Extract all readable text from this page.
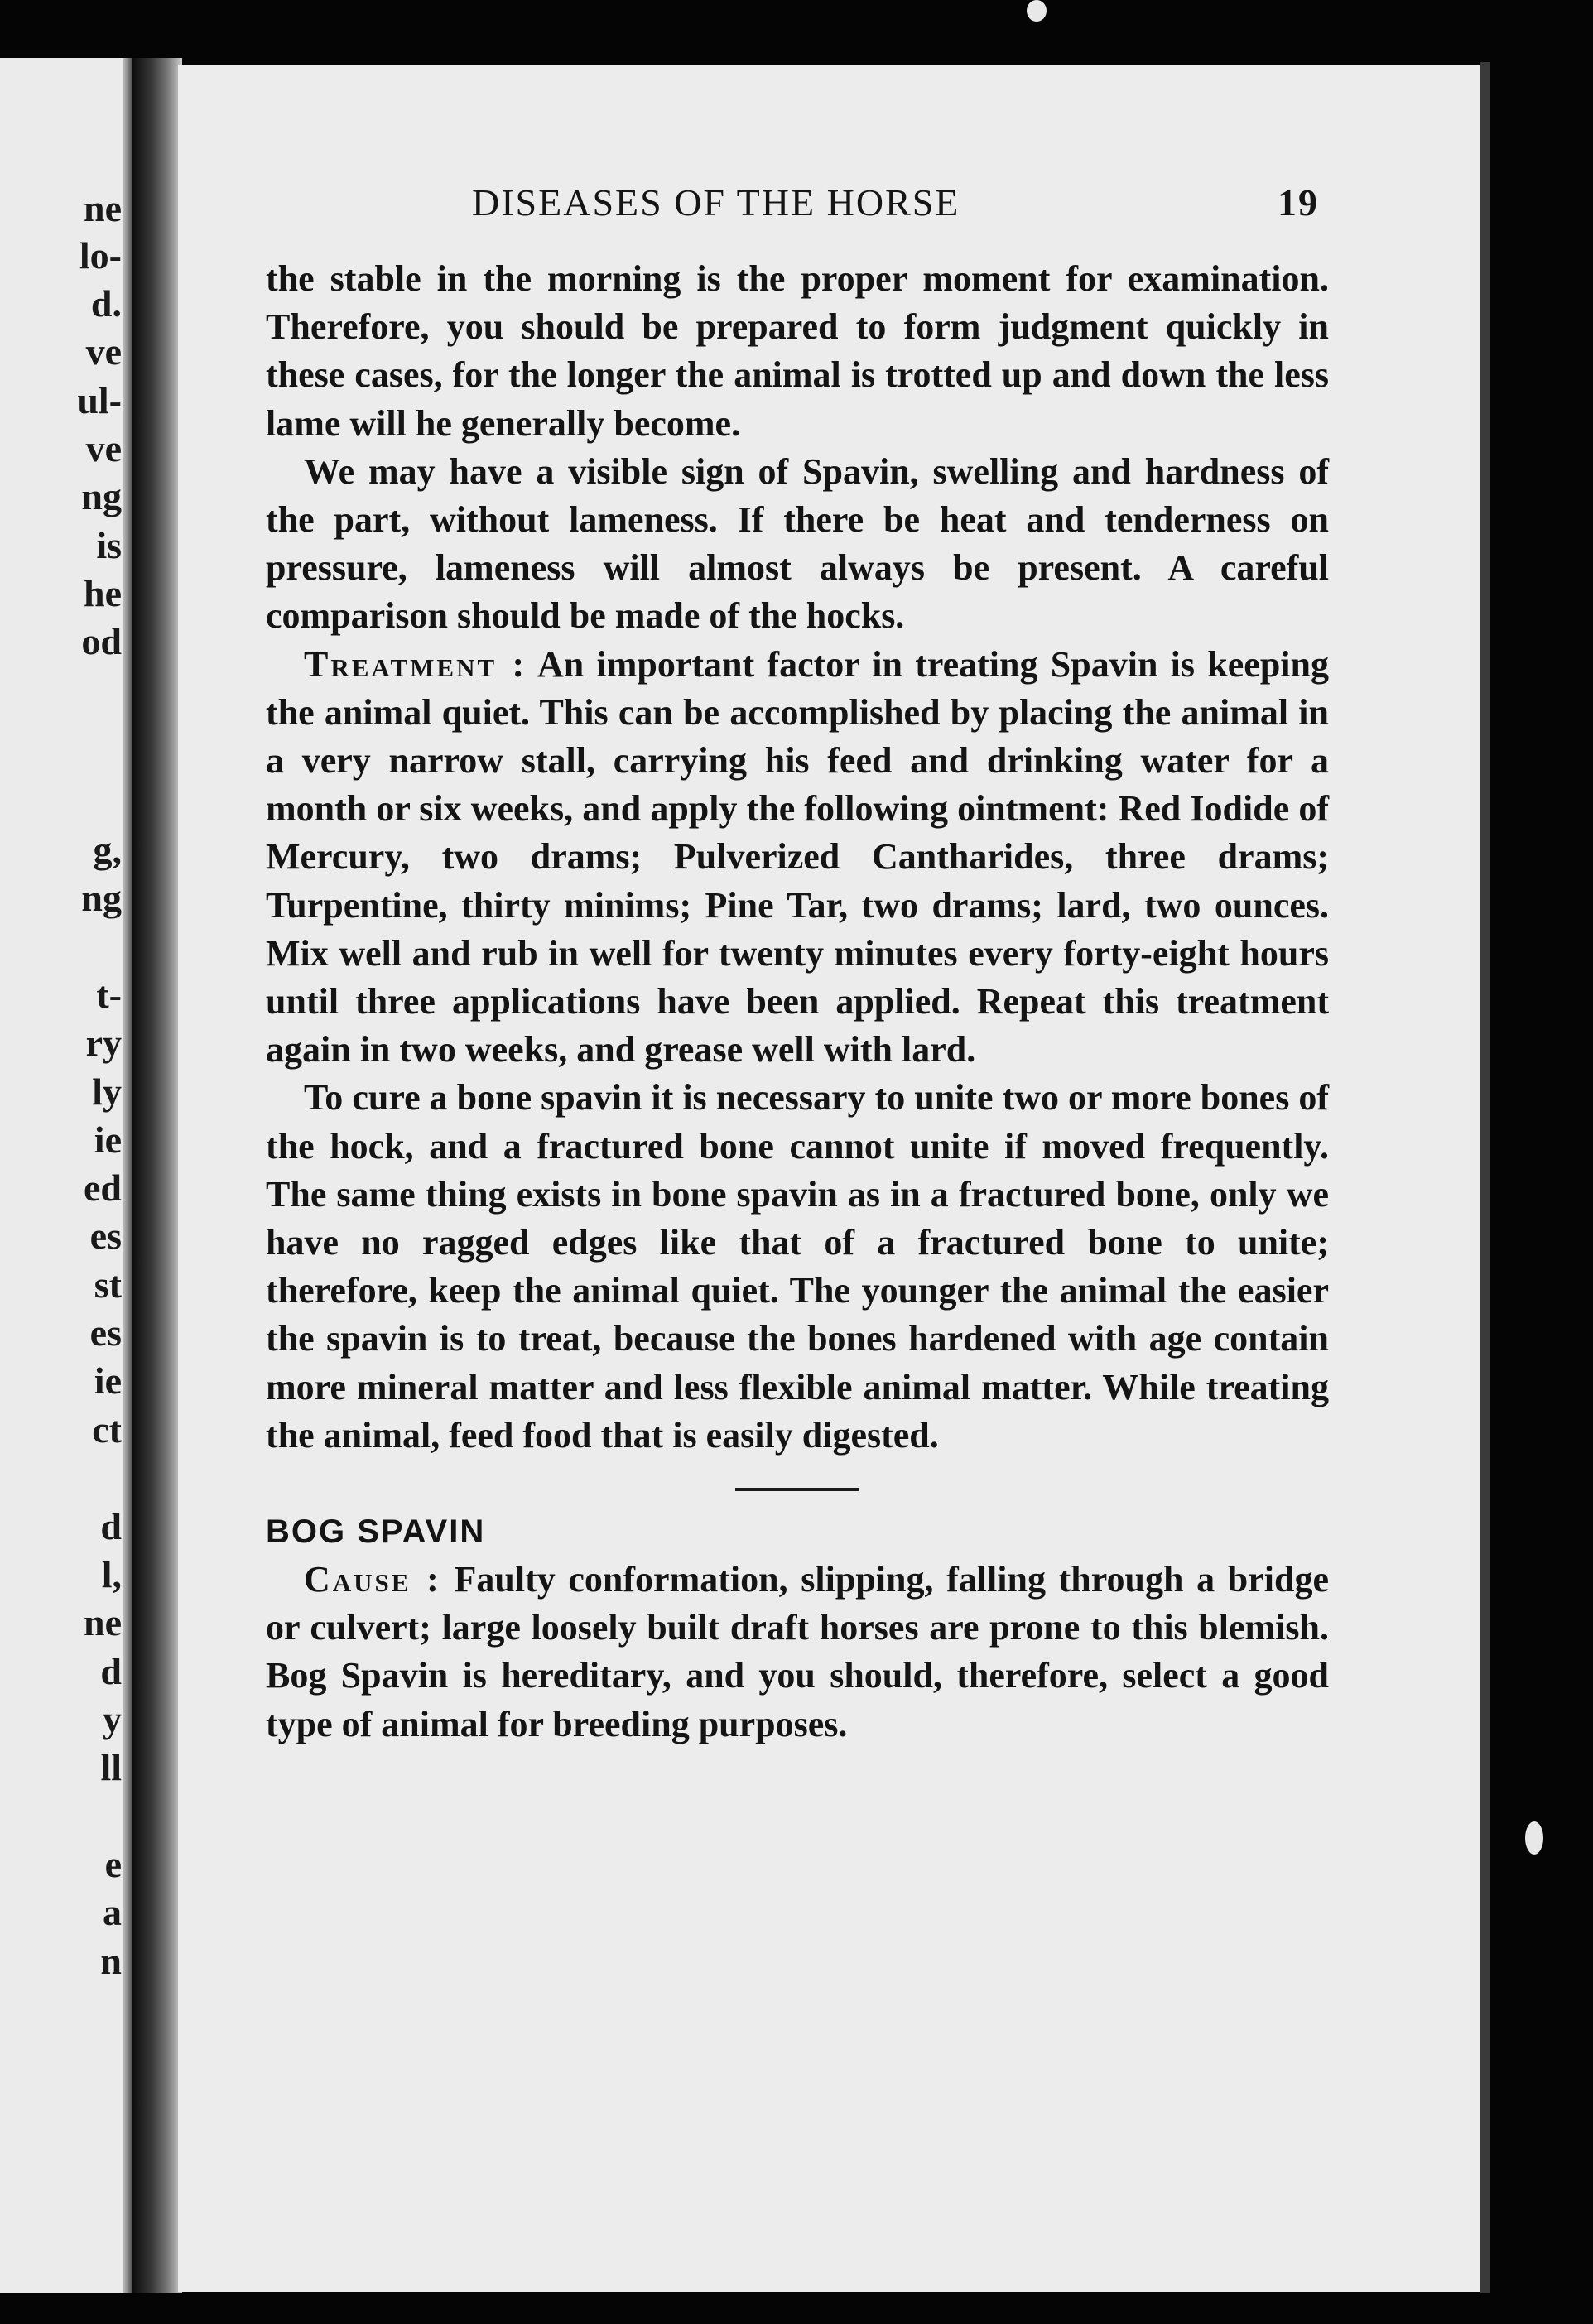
ne
lo-
d.
ve
ul-
ve
ng
is
he
od
g,
ng
t-
ry
ly
ie
ed
es
st
es
ie
ct
d
l,
ne
d
y
ll
e
a
n
DISEASES OF THE HORSE	19

the stable in the morning is the proper moment for examination. Therefore, you should be prepared to form judgment quickly in these cases, for the longer the animal is trotted up and down the less lame will he generally become.

We may have a visible sign of Spavin, swelling and hardness of the part, without lameness. If there be heat and tenderness on pressure, lameness will almost always be present. A careful comparison should be made of the hocks.

Treatment : An important factor in treating Spavin is keeping the animal quiet. This can be accomplished by placing the animal in a very narrow stall, carrying his feed and drinking water for a month or six weeks, and apply the following ointment: Red Iodide of Mercury, two drams; Pulverized Cantharides, three drams; Turpentine, thirty minims; Pine Tar, two drams; lard, two ounces. Mix well and rub in well for twenty minutes every forty-eight hours until three applications have been applied. Repeat this treatment again in two weeks, and grease well with lard.

To cure a bone spavin it is necessary to unite two or more bones of the hock, and a fractured bone cannot unite if moved frequently. The same thing exists in bone spavin as in a fractured bone, only we have no ragged edges like that of a fractured bone to unite; therefore, keep the animal quiet. The younger the animal the easier the spavin is to treat, because the bones hardened with age contain more mineral matter and less flexible animal matter. While treating the animal, feed food that is easily digested.

BOG SPAVIN

Cause : Faulty conformation, slipping, falling through a bridge or culvert; large loosely built draft horses are prone to this blemish. Bog Spavin is hereditary, and you should, therefore, select a good type of animal for breeding purposes.
